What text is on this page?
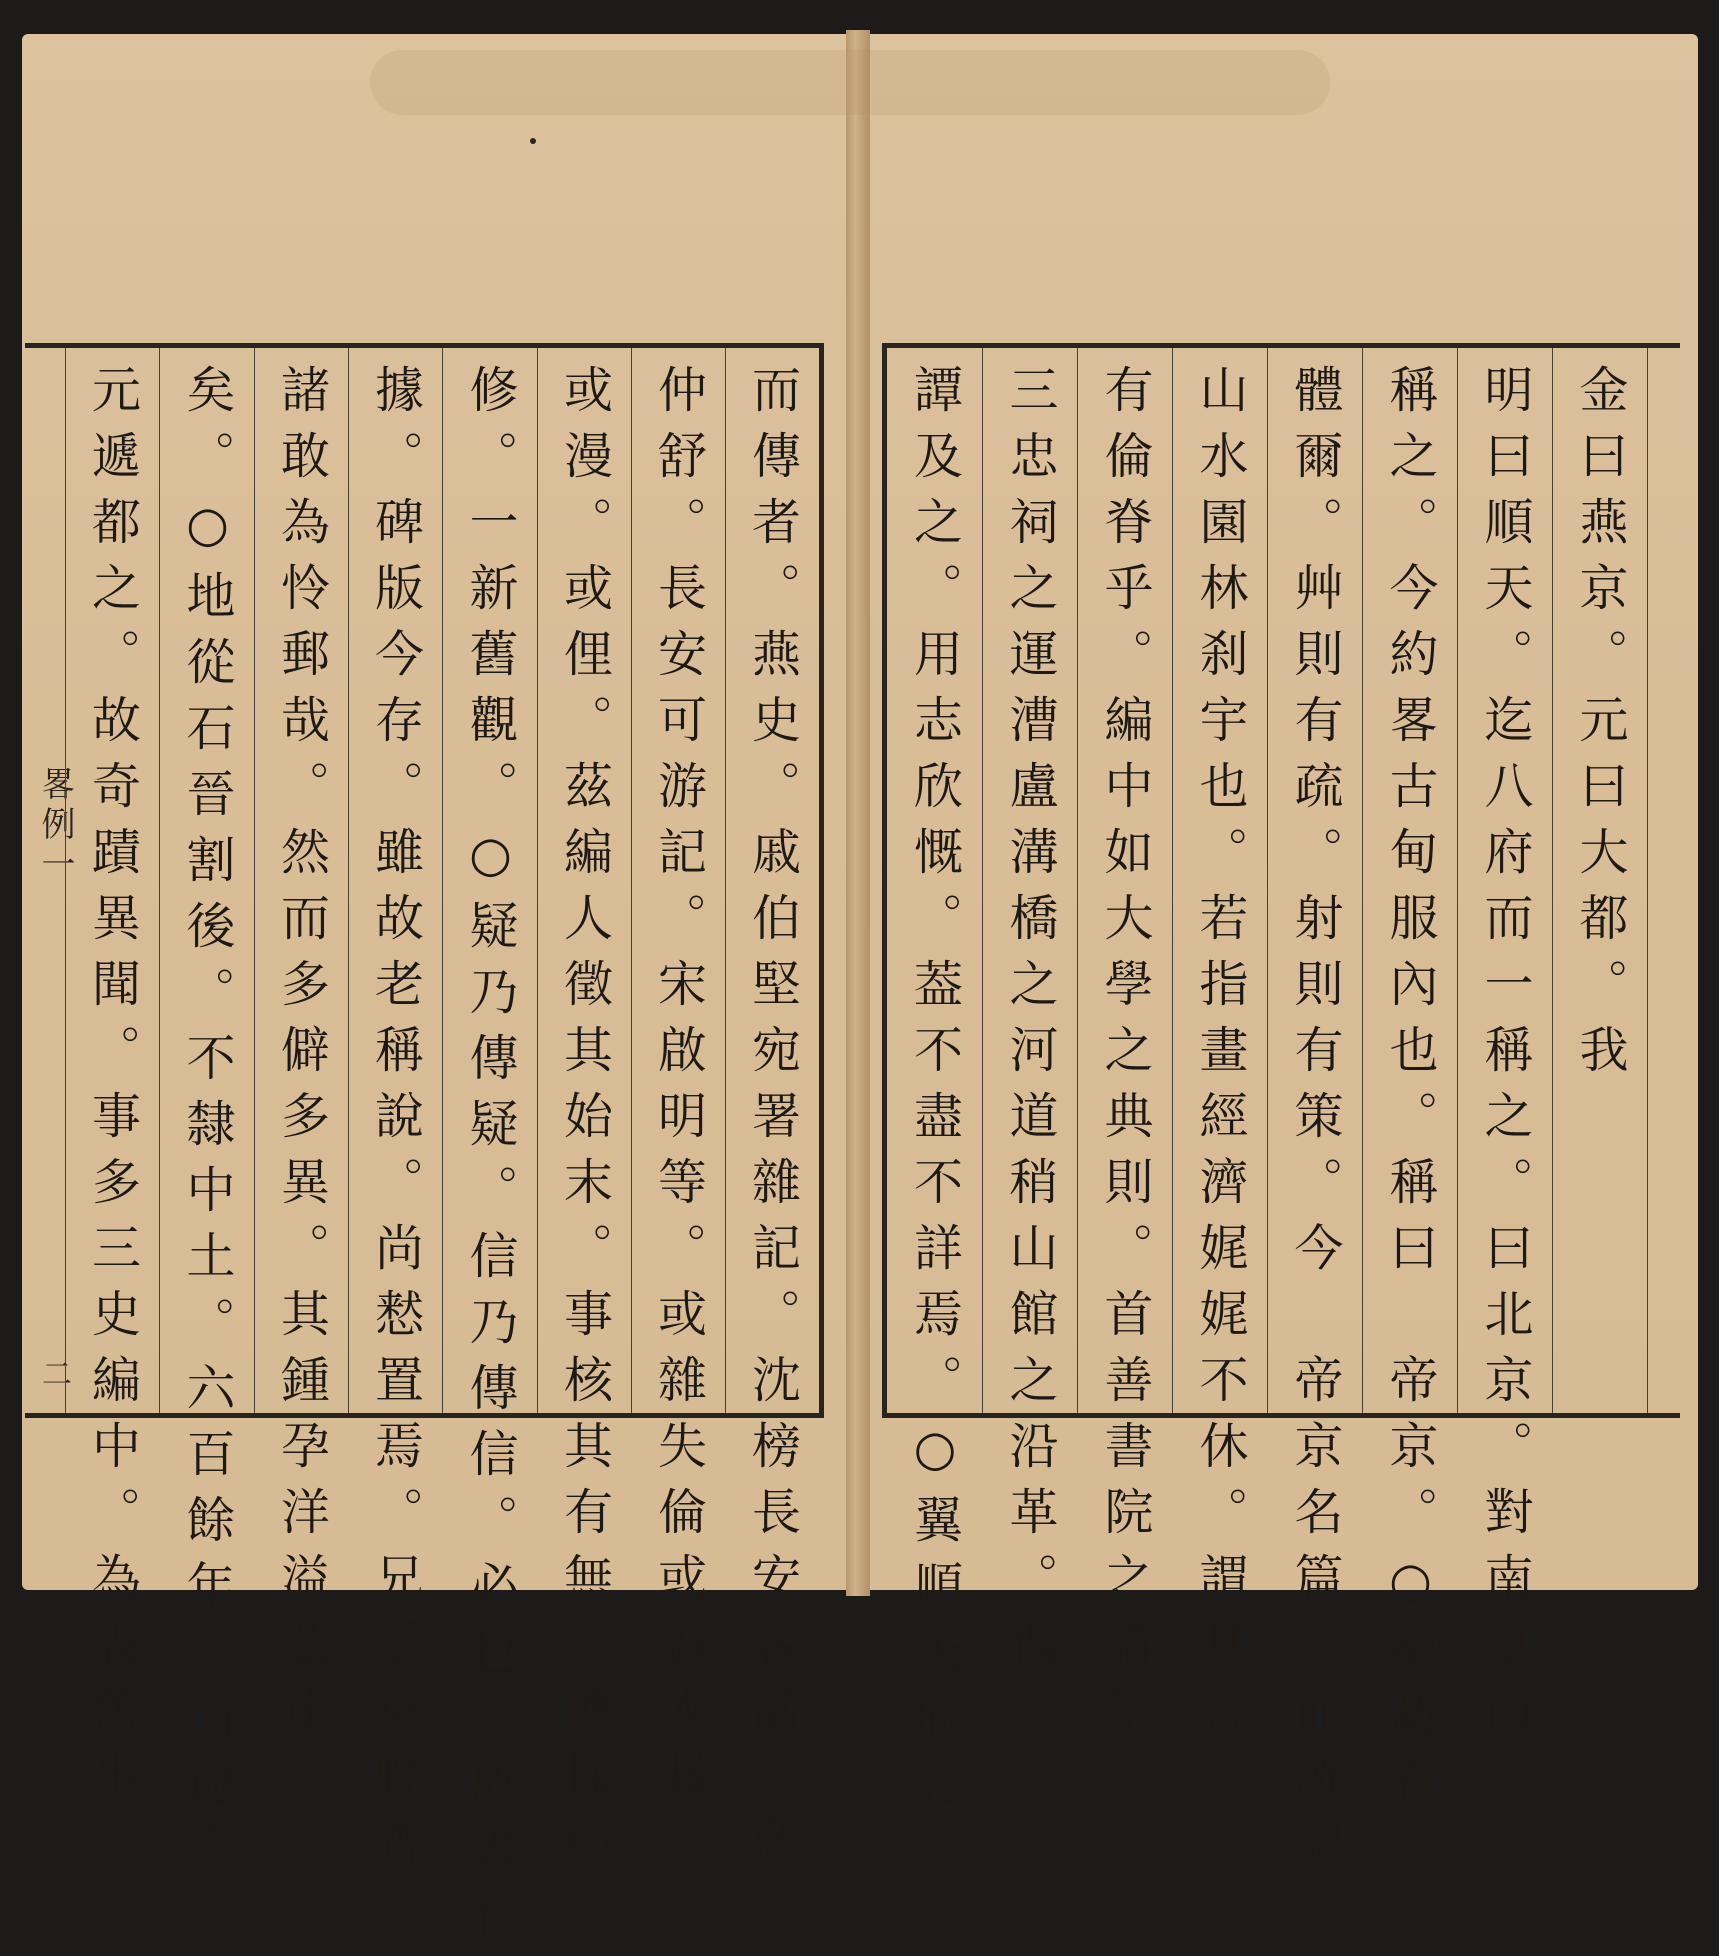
畧例一
二 元遞都之。故奇蹟異聞。事多三史編中。為表舊事。 矣。○地從石晉割後。不隸中土。六百餘年。而遼金 諸敢為怜郵哉。然而多僻多異。其鍾孕洋溢弘達 據。碑版今存。雖故老稱說。尚慭置焉。兄乎東野齊 修。一新舊觀。○疑乃傳疑。信乃傳信。必也。成書有 或漫。或俚。茲編人徵其始末。事核其有無。博採約 仲舒。長安可游記。宋啟明等。或雜失倫或譌或漏 而傳者。燕史。戚伯堅宛署雜記。沈榜長安客話。蔣 譚及之。用志欣慨。葢不盡不詳焉。○翼順天府志 三忠祠之運漕盧溝橋之河道稍山館之沿革。偶 有倫脊乎。編中如大學之典則。首善書院之講學。 山水園林刹宇也。若指畫經濟娓娓不休。謂其言 體爾。艸則有疏。射則有策。今　帝京名篇。而所記 稱之。今約畧古甸服內也。稱曰　帝京。○紀載有 明曰順天。迄八府而一稱之。曰北京。對南京而二 金曰燕京。元曰大都。我
